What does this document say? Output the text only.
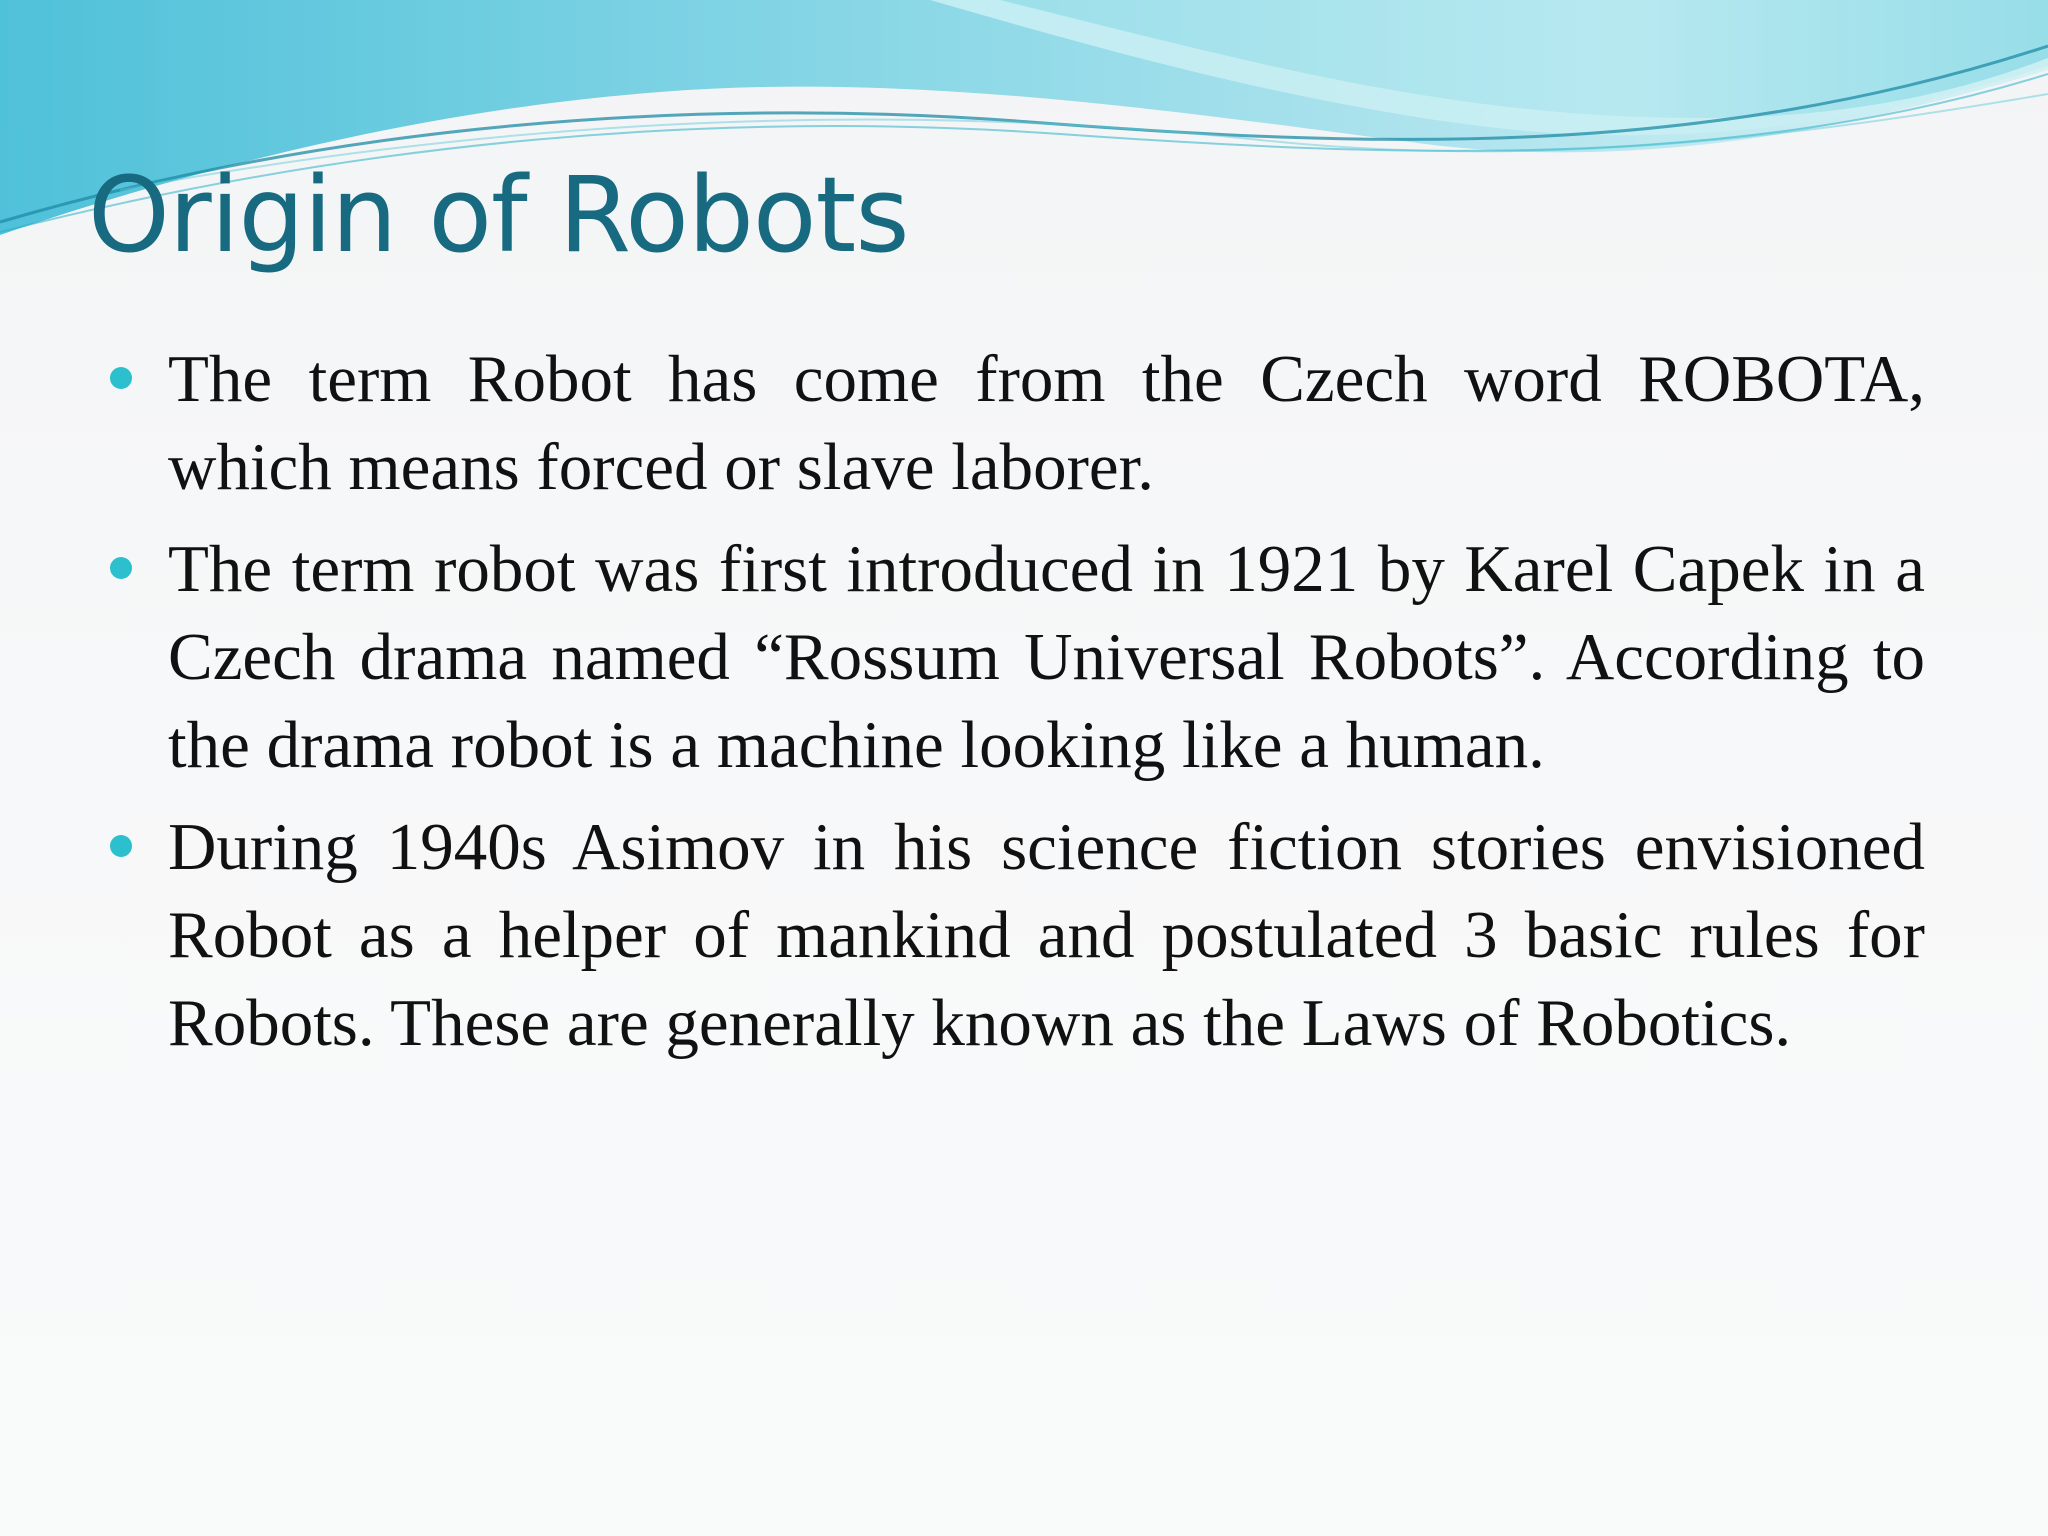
Origin of Robots
The term Robot has come from the Czech word ROBOTA, which means forced or slave laborer.
The term robot was first introduced in 1921 by Karel Capek in a Czech drama named “Rossum Universal Robots”. According to the drama robot is a machine looking like a human.
During 1940s Asimov in his science fiction stories envisioned Robot as a helper of mankind and postulated 3 basic rules for Robots. These are generally known as the Laws of Robotics.
